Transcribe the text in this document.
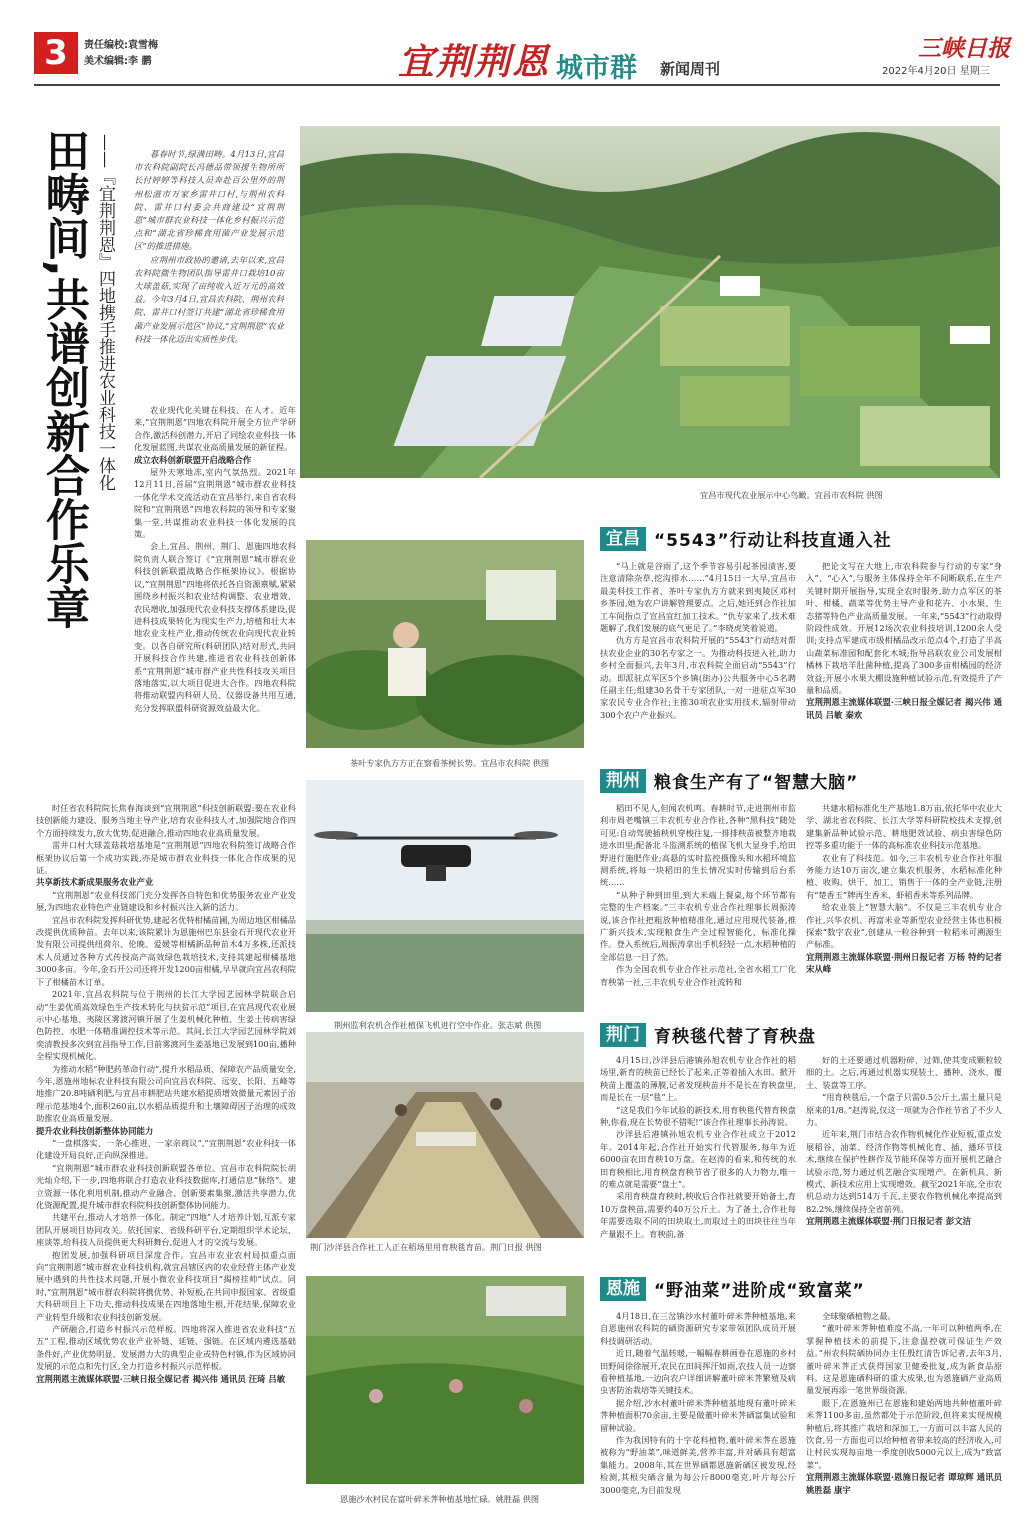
3	责任编校:袁雪梅
美术编辑:李 鹏	宜荆荆恩 城市群 新闻周刊
三峡日报
2022年4月20日 星期三
田畴间,共谱创新合作乐章 ——『宜荆荆恩』四地携手推进农业科技一体化	暮春时节,绿满田畴。4月13日,宜昌市农科院副院长冯德品带领援生物所所长付婷婷等科技人员奔赴百公里外的荆州松滋市万家乡雷井口村,与荆州农科院、雷井口村委会共商建设“宜荆荆恩”城市群农业科技一体化乡村振兴示范点和“湖北省珍稀食用菌产业发展示范区”的推进措施。

应荆州市政协的邀请,去年以来,宜昌农科院微生物团队指导雷井口栽培10亩大球盖菇,实现了亩纯收入近万元的高效益。今年3月4日,宜昌农科院、荆州农科院、雷井口村签订共建“湖北省珍稀食用菌产业发展示范区”协议,“宜荆荆恩”农业科技一体化迈出实质性步伐。

宜昌市现代农业展示中心鸟瞰。宜昌市农科院 供图

农业现代化关键在科技、在人才。近年来,“宜荆荆恩”四地农科院开展全方位产学研合作,激活科创潜力,开启了同绘农业科技一体化发展蓝图,共谋农业高质量发展的新征程。

成立农科创新联盟开启战略合作

屋外天寒地冻,室内气氛热烈。2021年12月11日,首届“宜荆荆恩”城市群农业科技一体化学术交流活动在宜昌举行,来自省农科院和“宜荆荆恩”四地农科院的领导和专家聚集一堂,共谋推动农业科技一体化发展的良策。

会上,宜昌、荆州、荆门、恩施四地农科院负责人联合签订《“宜荆荆恩”城市群农业科技创新联盟战略合作框架协议》。根据协议,“宜荆荆恩”四地将依托各自资源禀赋,紧紧围绕乡村振兴和农业结构调整、农业增效、农民增收,加强现代农业科技支撑体系建设,促进科技成果转化为现实生产力,培植和壮大本地农业支柱产业,推动传统农业向现代农业转变。以各自研究所(科研团队)结对形式,共同开展科技合作共建,推进省农业科技创新体系“宜荆荆恩”城市群产业共性科技攻关项目落地落实,以大项目促进大合作。四地农科院将推动联盟内科研人员、仪器设备共用互通,充分发挥联盟科研资源效益最大化。

时任省农科院院长焦春海谈到“宜荆荆恩”科技创新联盟:要在农业科技创新能力建设、服务当地主导产业,培育农业科技人才,加强院地合作四个方面持续发力,放大优势,促进融合,推动四地农业高质量发展。

雷井口村大球盖菇栽培基地是“宜荆荆恩”四地农科院签订战略合作框架协议后第一个成功实践,亦是城市群农业科技一体化合作成果的见证。

共享新技术新成果服务农业产业

“宜荆荆恩”农业科技部门充分发挥各自特色和优势服务农业产业发展,为四地农业特色产业链建设和乡村振兴注入新的活力。

宜昌市农科院发挥科研优势,建起名优特柑橘苗圃,为周边地区柑橘品改提供优质种苗。去年以来,该院累计为恩施州巴东县金石开现代农业开发有限公司提供纽荷尔、伦晚、爱媛等柑橘新品种苗木4万多株,还派技术人员通过各种方式传授高产高效绿色栽培技术,支持其建起柑橘基地3000多亩。今年,金石开公司还将开发1200亩柑橘,早早就向宜昌农科院下了柑橘苗木订单。

2021年,宜昌农科院与位于荆州的长江大学园艺园林学院联合启动“生姜优质高效绿色生产技术转化与扶贫示范”项目,在宜昌现代农业展示中心基地、夷陵区雾渡河镇开展了生姜机械化种植、生姜土传病害绿色防控、水肥一体精准调控技术等示范。其间,长江大学园艺园林学院刘奕清教授多次到宜昌指导工作,目前雾渡河生姜基地已发展到100亩,播种全程实现机械化。

为推动水稻“种肥药革命行动”,提升水稻品质、保障农产品质量安全,今年,恩施州地标农业科技有限公司向宜昌农科院、远安、长阳、五峰等地推广20.8吨硒利肥,与宜昌市耕肥站共建水稻提质增效微量元素因子治理示范基地4个,面积260亩,以水稻品质提升和土壤障碍因子治理的成效助推农业高质量发展。

提升农业科技创新整体协同能力

“一盘棋落实、一条心推进、一家亲商议”,“宜荆荆恩”农业科技一体化建设开局良好,正向纵深推进。

“宜荆荆恩”城市群农业科技创新联盟各单位、宜昌市农科院院长胡光灿介绍,下一步,四地将联合打造农业科技数据库,打通信息“脉络”。建立资源一体化利用机制,推动产业融合、创新要素集聚,激活共享潜力,优化资源配置,提升城市群农科院科技创新整体协同能力。

共建平台,推动人才培养一体化。制定“四地”人才培养计划,互派专家团队开展项目协同攻关。依托国家、省级科研平台,定期组织学术论坛、座谈等,给科技人员提供更大科研舞台,促进人才的交流与发展。

抱团发展,加强科研项目深度合作。宜昌市农业农村局拟重点面向“宜荆荆恩”城市群农业科技机构,就宜昌辖区内的农业经营主体产业发展中遇到的共性技术问题,开展小微农业科技项目“揭榜挂帅”试点。同时,“宜荆荆恩”城市群农科院将携优势、补短板,在共同申报国家、省级重大科研项目上下功夫,推动科技成果在四地落地生根,开花结果,保障农业产业转型升级和农业科技创新发展。

产研融合,打造乡村振兴示范样板。四地将深入推进省农业科技“五五”工程,推动区域优势农业产业补链、延链、强链。在区域内遴选基础条件好,产业优势明显、发展潜力大的典型企业或特色村镇,作为区域协同发展的示范点和先行区,全力打造乡村振兴示范样板。

宜荆荆恩主流媒体联盟·三峡日报全媒记者 揭兴伟 通讯员 汪琦 吕敏

茶叶专家仇方方正在察看茶树长势。宜昌市农科院 供图
荆州监利农机合作社植保飞机进行空中作业。张志斌 供图
荆门沙洋县合作社工人正在稻场里用育秧毯育苗。荆门日报 供图
恩施沙水村民在富叶碎米荠种植基地忙碌。姚胜磊 供图
宜昌 “5543”行动让科技直通入社

“马上就是谷雨了,这个季节容易引起茶园渍害,要注意清除杂草,挖沟排水……”4月15日一大早,宜昌市最美科技工作者、茶叶专家仇方方就来到夷陵区邓村乡茶园,她为农户讲解管理要点。之后,她还到合作社加工车间指点了宣昌宜红加工技术。“仇专家来了,技术难题解了,我们发展的底气更足了。”李晓虎笑着说道。

仇方方是宜昌市农科院开展的“5543”行动结对帮扶农业企业的30名专家之一。为推动科技进入社,助力乡村全面振兴,去年3月,市农科院全面启动“5543”行动。即派驻点军区5个乡镇(街办)公共服务中心5名聘任副主任;组建30名骨干专家团队,一对一进驻点军30家农民专业合作社;主推30项农业实用技术,辐射带动300个农户产业振兴。

把论文写在大地上,市农科院参与行动的专家“身入”、“心入”,与服务主体保持全年不间断联系,在生产关键时期开展指导,实现全农时服务,助力点军区的茶叶、柑橘、蔬菜等优势主导产业和花卉、小水果、生态猪等特色产业高质量发展。一年来,“5543”行动取得阶段性成效。开展12场次农业科技培训,1200余人受训;支持点军建成市级柑橘品改示范点4个,打造了半高山蔬菜标准园和配套化木城;指导昌联农业公司发展柑橘林下栽培羊肚菌种植,提高了300多亩柑橘园的经济效益;开展小水果大棚设施种植试验示范,有效提升了产量和品质。

宜荆荆恩主流媒体联盟·三峡日报全媒记者 揭兴伟 通讯员 吕敏 秦欢

荆州 粮食生产有了“智慧大脑”

稻田不见人,但闻农机鸣。春耕时节,走进荆州市监利市周老嘴镇三丰农机专业合作社,各种“黑科技”随处可见:自动驾驶插秧机穿梭往复,一排排秧苗被整齐地栽进水田里;配备北斗监测系统的植保飞机大显身手,给田野进行施肥作业;高悬的实时监控摄像头和水稻环境监测系统,将每一块稻田的生长情况实时传输到后台系统……

“从种子种到田里,到大米端上餐桌,每个环节都有完整的生产档案。”三丰农机专业合作社理事长周振涛说,该合作社把粗放种植精准化,通过应用现代装备,推广新兴技术,实现粮食生产全过程智能化、标准化操作。登入系统后,周振涛拿出手机轻轻一点,水稻种植的全部信息一目了然。

作为全国农机专业合作社示范社,全省水稻工厂化育秧第一社,三丰农机专业合作社流转和

共建水稻标准化生产基地1.8万亩,依托华中农业大学、湖北省农科院、长江大学等科研院校技术支撑,创建集新品种试验示范、耕地肥效试验、病虫害绿色防控等多重功能于一体的高标准农业科技示范基地。

农业有了科技范。如今,三丰农机专业合作社年服务能力达10万亩次,建立集农机服务、水稻标准化种植、收购、烘干、加工、销售于一体的全产业链,注册有“楚香玉”牌再生香米、虾稻香米等系列品牌。

给农业装上“智慧大脑”。不仅是三丰农机专业合作社,兴华农机、再富米业等新型农业经营主体也积极探索“数字农业”,创建从一粒谷种到一粒稻米可溯源生产标准。

宜荆荆恩主流媒体联盟·荆州日报记者 万杨 特约记者 宋从峰

荆门 育秧毯代替了育秧盘

4月15日,沙洋县后港镇孙旭农机专业合作社的稻场里,新育的秧苗已经长了起来,正等着插入水田。掀开秧苗上覆盖的薄膜,记者发现秧苗并不是长在育秧盘里,而是长在一层“毯”上。

“这是我们今年试验的新技术,用育秧毯代替育秧盘种,你看,现在长势很不错呢!”该合作社理事长孙涛说。

沙洋县后港镇孙旭农机专业合作社成立于2012年。2014年起,合作社开始实行代管服务,每年为近6000亩农田育秧10万盘。在赵涛的看来,和传统的水田育秧相比,用育秧盘育秧节省了很多的人力物力,唯一的难点就是需要“盘土”。

采用育秧盘育秧时,秧收后合作社就要开始备土,育10万盘秧苗,需要约40万公斤土。为了备土,合作社每年需要选取不同的田块取土,而取过土的田块往往当年产量跟不上。育秧前,备

好的土还要通过机器粉碎、过筛,使其变成颗粒较细的土。之后,再通过机器实现装土、播种、浇水、覆土、装盘等工序。

“用育秧毯后,一个盘子只需0.5公斤土,需土量只是原来的1/8。”赵涛说,仅这一项就为合作社节省了不少人力。

近年来,荆门市结合农作物机械化作业短板,重点发展稻谷、油菜、经济作物等机械化育、插、播环节技术,继续在保护性耕作及节能环保等方面开展机艺融合试验示范,努力通过机艺融合实现增产。在新机具、新模式、新技术应用上实现增效。截至2021年底,全市农机总动力达到514万千瓦,主要农作物机械化率提高到82.2%,继续保持全省前列。

宜荆荆恩主流媒体联盟·荆门日报记者 彭文洁

恩施 “野油菜”进阶成“致富菜”

4月18日,在三岔镇沙水村董叶碎米荠种植基地,来自恩施州农科院的硒资源研究专家带领团队成员开展科技调研活动。

近日,随着气温转暖,一幅幅春耕画卷在恩施的乡村田野间徐徐展开,农民在田间挥汗如雨,农技人员一边察看种植基地,一边向农户详细讲解董叶碎米荠繁殖及病虫害防治栽培等关键技术。

据介绍,沙水村董叶碎米荠种植基地现有董叶碎米荠种植面积70余亩,主要是做董叶碎米荠硒富集试验和留种试验。

作为我国特有的十字花科植物,董叶碎米荠在恩施被称为“野油菜”,味道鲜美,营养丰富,并对硒具有超富集能力。2008年,其在世界硒都恩施新硒区被发现,经检测,其根尖硒含量为每公斤8000毫克,叶片每公斤3000毫克,为目前发现

全球聚硒植物之最。

“董叶碎米荠种植难度不高,一年可以种植两季,在掌握种植技术的前提下,注意温控就可保证生产效益。”州农科院硒协同办主任殷红清告诉记者,去年3月,董叶碎米荠正式获得国家卫健委批复,成为新食品原料。这是恩施硒科研的重大成果,也为恩施硒产业高质量发展再添一笔世界级资源。

眼下,在恩施州已在恩施和建始两地共种植董叶碎米荠1100多亩,虽然都处于示范阶段,但将来实现规模种植后,将其推广栽培和深加工,一方面可以丰富人民的饮食,另一方面也可以给种植者带来较高的经济收入,可让村民实现每亩地一季度创收5000元以上,成为“致富菜”。

宜荆荆恩主流媒体联盟·恩施日报记者 谭琼辉 通讯员 姚胜磊 康宇
